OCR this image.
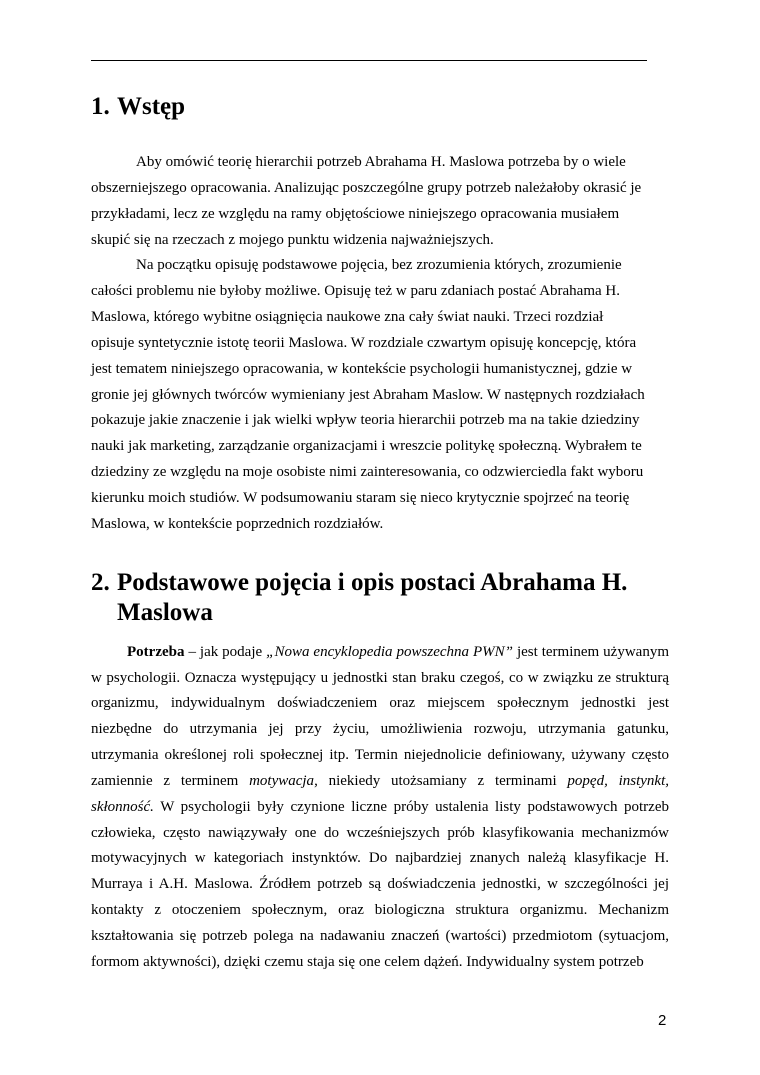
1. Wstęp

Aby omówić teorię hierarchii potrzeb Abrahama H. Maslowa potrzeba by o wiele obszerniejszego opracowania. Analizując poszczególne grupy potrzeb należałoby okrasić je przykładami, lecz ze względu na ramy objętościowe niniejszego opracowania musiałem skupić się na rzeczach z mojego punktu widzenia najważniejszych.

Na początku opisuję podstawowe pojęcia, bez zrozumienia których, zrozumienie całości problemu nie byłoby możliwe. Opisuję też w paru zdaniach postać Abrahama H. Maslowa, którego wybitne osiągnięcia naukowe zna cały świat nauki. Trzeci rozdział opisuje syntetycznie istotę teorii Maslowa. W rozdziale czwartym opisuję koncepcję, która jest tematem niniejszego opracowania, w kontekście psychologii humanistycznej, gdzie w gronie jej głównych twórców wymieniany jest Abraham Maslow. W następnych rozdziałach pokazuje jakie znaczenie i jak wielki wpływ teoria hierarchii potrzeb ma na takie dziedziny nauki jak marketing, zarządzanie organizacjami i wreszcie politykę społeczną. Wybrałem te dziedziny ze względu na moje osobiste nimi zainteresowania, co odzwierciedla fakt wyboru kierunku moich studiów. W podsumowaniu staram się nieco krytycznie spojrzeć na teorię Maslowa, w kontekście poprzednich rozdziałów.

2. Podstawowe pojęcia i opis postaci Abrahama H. Maslowa

Potrzeba – jak podaje „Nowa encyklopedia powszechna PWN” jest terminem używanym w psychologii. Oznacza występujący u jednostki stan braku czegoś, co w związku ze strukturą organizmu, indywidualnym doświadczeniem oraz miejscem społecznym jednostki jest niezbędne do utrzymania jej przy życiu, umożliwienia rozwoju, utrzymania gatunku, utrzymania określonej roli społecznej itp. Termin niejednolicie definiowany, używany często zamiennie z terminem motywacja, niekiedy utożsamiany z terminami popęd, instynkt, skłonność. W psychologii były czynione liczne próby ustalenia listy podstawowych potrzeb człowieka, często nawiązywały one do wcześniejszych prób klasyfikowania mechanizmów motywacyjnych w kategoriach instynktów. Do najbardziej znanych należą klasyfikacje H. Murraya i A.H. Maslowa. Źródłem potrzeb są doświadczenia jednostki, w szczególności jej kontakty z otoczeniem społecznym, oraz biologiczna struktura organizmu. Mechanizm kształtowania się potrzeb polega na nadawaniu znaczeń (wartości) przedmiotom (sytuacjom, formom aktywności), dzięki czemu staja się one celem dążeń. Indywidualny system potrzeb

2
